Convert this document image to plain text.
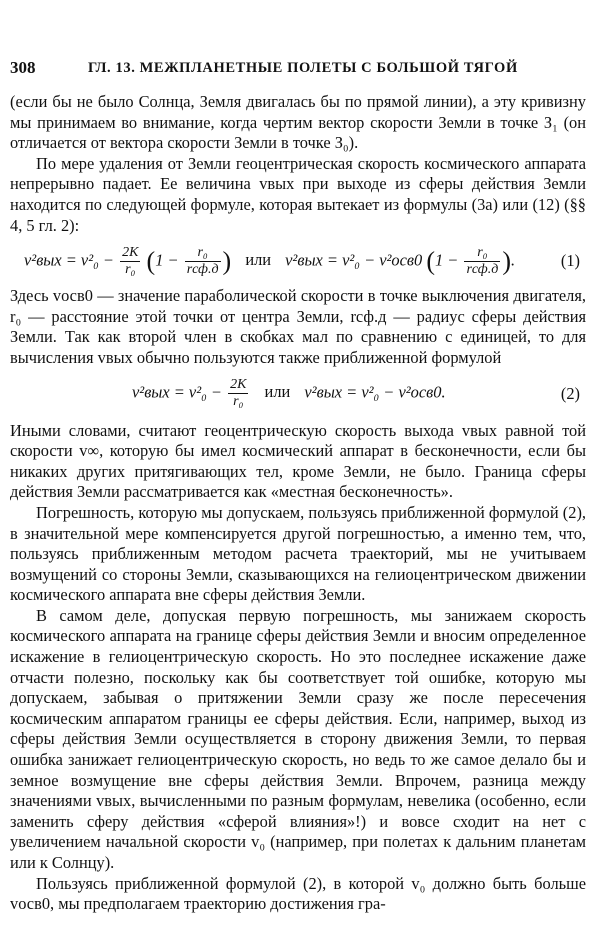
308	ГЛ. 13. МЕЖПЛАНЕТНЫЕ ПОЛЕТЫ С БОЛЬШОЙ ТЯГОЙ

(если бы не было Солнца, Земля двигалась бы по прямой линии), а эту кривизну мы принимаем во внимание, когда чертим вектор скорости Земли в точке З₁ (он отличается от вектора скорости Земли в точке З₀).

По мере удаления от Земли геоцентрическая скорость космического аппарата непрерывно падает. Ее величина vвых при выходе из сферы действия Земли находится по следующей формуле, которая вытекает из формулы (3а) или (12) (§§ 4, 5 гл. 2):

$v^2вых = v^2_0 - \frac{2K}{\text{r₀}} (1 - \frac{\text{r₀}}{\text{rсф.д}}$ ) или v²вых = v²₀ − v²осв0 ($1 - \frac{\text{r₀}}{\text{rсф.д}}$ ).	(1)

Здесь vосв0 — значение параболической скорости в точке выключения двигателя, r₀ — расстояние этой точки от центра Земли, rсф.д — радиус сферы действия Земли. Так как второй член в скобках мал по сравнению с единицей, то для вычисления vвых обычно пользуются также приближенной формулой

$v^2вых = v^2_0 - \frac{2K}{\text{r₀}}$ или v²вых = v²₀ − v²осв0.	(2)

Иными словами, считают геоцентрическую скорость выхода vвых равной той скорости v∞, которую бы имел космический аппарат в бесконечности, если бы никаких других притягивающих тел, кроме Земли, не было. Граница сферы действия Земли рассматривается как «местная бесконечность».

Погрешность, которую мы допускаем, пользуясь приближенной формулой (2), в значительной мере компенсируется другой погрешностью, а именно тем, что, пользуясь приближенным методом расчета траекторий, мы не учитываем возмущений со стороны Земли, сказывающихся на гелиоцентрическом движении космического аппарата вне сферы действия Земли.

В самом деле, допуская первую погрешность, мы занижаем скорость космического аппарата на границе сферы действия Земли и вносим определенное искажение в гелиоцентрическую скорость. Но это последнее искажение даже отчасти полезно, поскольку как бы соответствует той ошибке, которую мы допускаем, забывая о притяжении Земли сразу же после пересечения космическим аппаратом границы ее сферы действия. Если, например, выход из сферы действия Земли осуществляется в сторону движения Земли, то первая ошибка занижает гелиоцентрическую скорость, но ведь то же самое делало бы и земное возмущение вне сферы действия Земли. Впрочем, разница между значениями vвых, вычисленными по разным формулам, невелика (особенно, если заменить сферу действия «сферой влияния»!) и вовсе сходит на нет с увеличением начальной скорости v₀ (например, при полетах к дальним планетам или к Солнцу).

Пользуясь приближенной формулой (2), в которой v₀ должно быть больше vосв0, мы предполагаем траекторию достижения гра-
